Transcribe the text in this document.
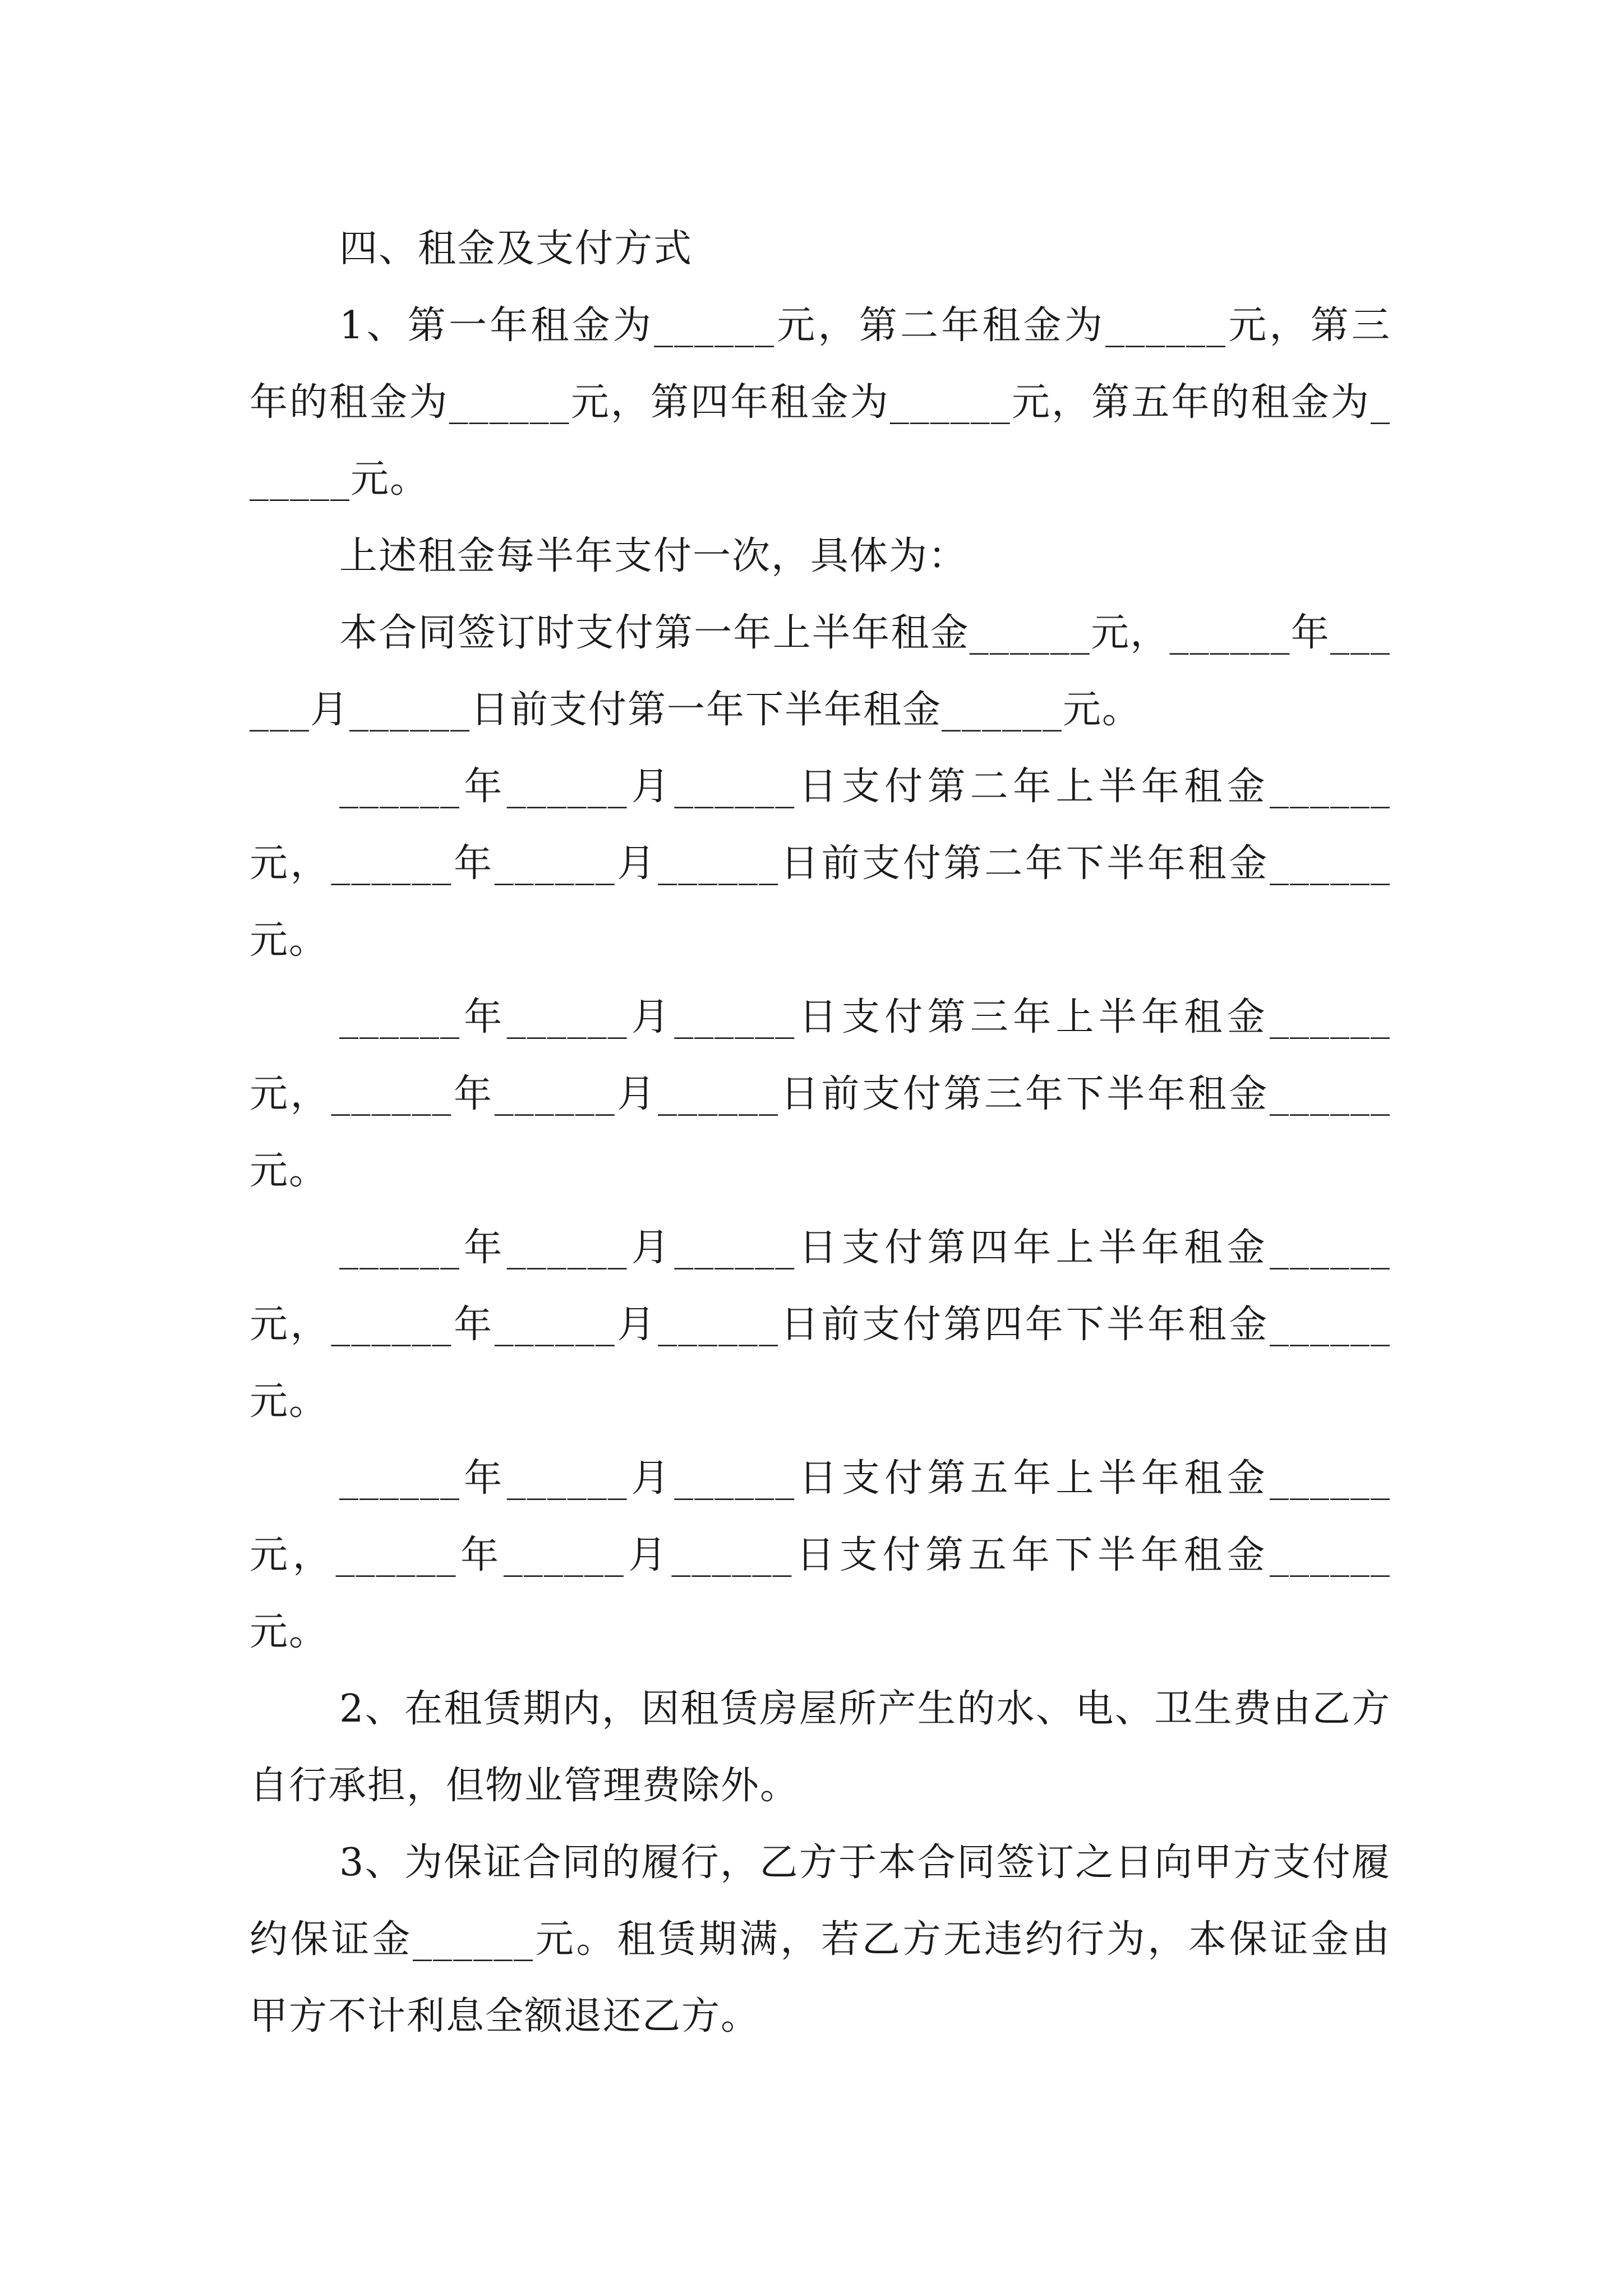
四、租金及支付方式

1、第一年租金为______元，第二年租金为______元，第三年的租金为______元，第四年租金为______元，第五年的租金为______元。

上述租金每半年支付一次，具体为：

本合同签订时支付第一年上半年租金______元，______年______月______日前支付第一年下半年租金______元。

______年______月______日支付第二年上半年租金______元，______年______月______日前支付第二年下半年租金______元。

______年______月______日支付第三年上半年租金______元，______年______月______日前支付第三年下半年租金______元。

______年______月______日支付第四年上半年租金______元，______年______月______日前支付第四年下半年租金______元。

______年______月______日支付第五年上半年租金______元，______年______月______日支付第五年下半年租金______元。

2、在租赁期内，因租赁房屋所产生的水、电、卫生费由乙方自行承担，但物业管理费除外。

3、为保证合同的履行，乙方于本合同签订之日向甲方支付履约保证金______元。租赁期满，若乙方无违约行为，本保证金由甲方不计利息全额退还乙方。
